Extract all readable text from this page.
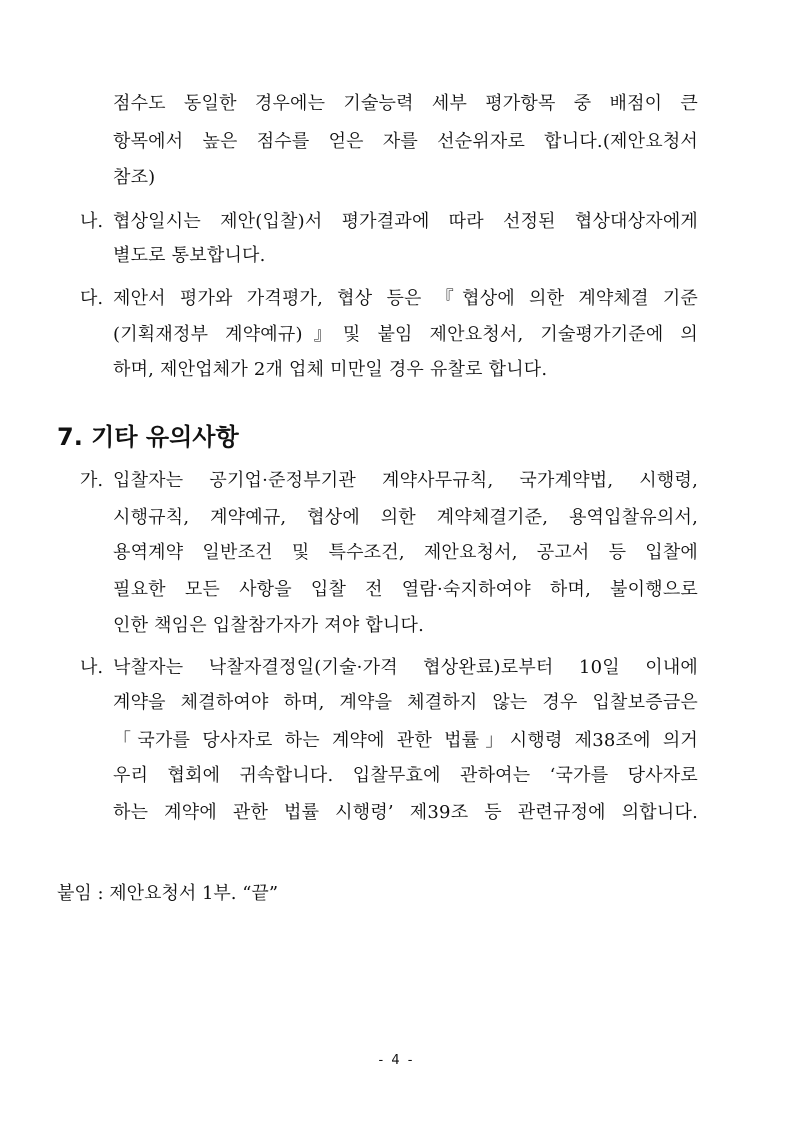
점수도 동일한 경우에는 기술능력 세부 평가항목 중 배점이 큰
항목에서 높은 점수를 얻은 자를 선순위자로 합니다.(제안요청서
참조)
나. 협상일시는 제안(입찰)서 평가결과에 따라 선정된 협상대상자에게
별도로 통보합니다.
다. 제안서 평가와 가격평가, 협상 등은 『협상에 의한 계약체결 기준
(기획재정부 계약예규)』및 붙임 제안요청서, 기술평가기준에 의
하며, 제안업체가 2개 업체 미만일 경우 유찰로 합니다.
7. 기타 유의사항
가. 입찰자는 공기업·준정부기관 계약사무규칙, 국가계약법, 시행령,
시행규칙, 계약예규, 협상에 의한 계약체결기준, 용역입찰유의서,
용역계약 일반조건 및 특수조건, 제안요청서, 공고서 등 입찰에
필요한 모든 사항을 입찰 전 열람·숙지하여야 하며, 불이행으로
인한 책임은 입찰참가자가 져야 합니다.
나. 낙찰자는 낙찰자결정일(기술·가격 협상완료)로부터 10일 이내에
계약을 체결하여야 하며, 계약을 체결하지 않는 경우 입찰보증금은
「국가를 당사자로 하는 계약에 관한 법률」시행령 제38조에 의거
우리 협회에 귀속합니다. 입찰무효에 관하여는 ‘국가를 당사자로
하는 계약에 관한 법률 시행령’ 제39조 등 관련규정에 의합니다.
붙임 : 제안요청서 1부. “끝”
- 4 -
